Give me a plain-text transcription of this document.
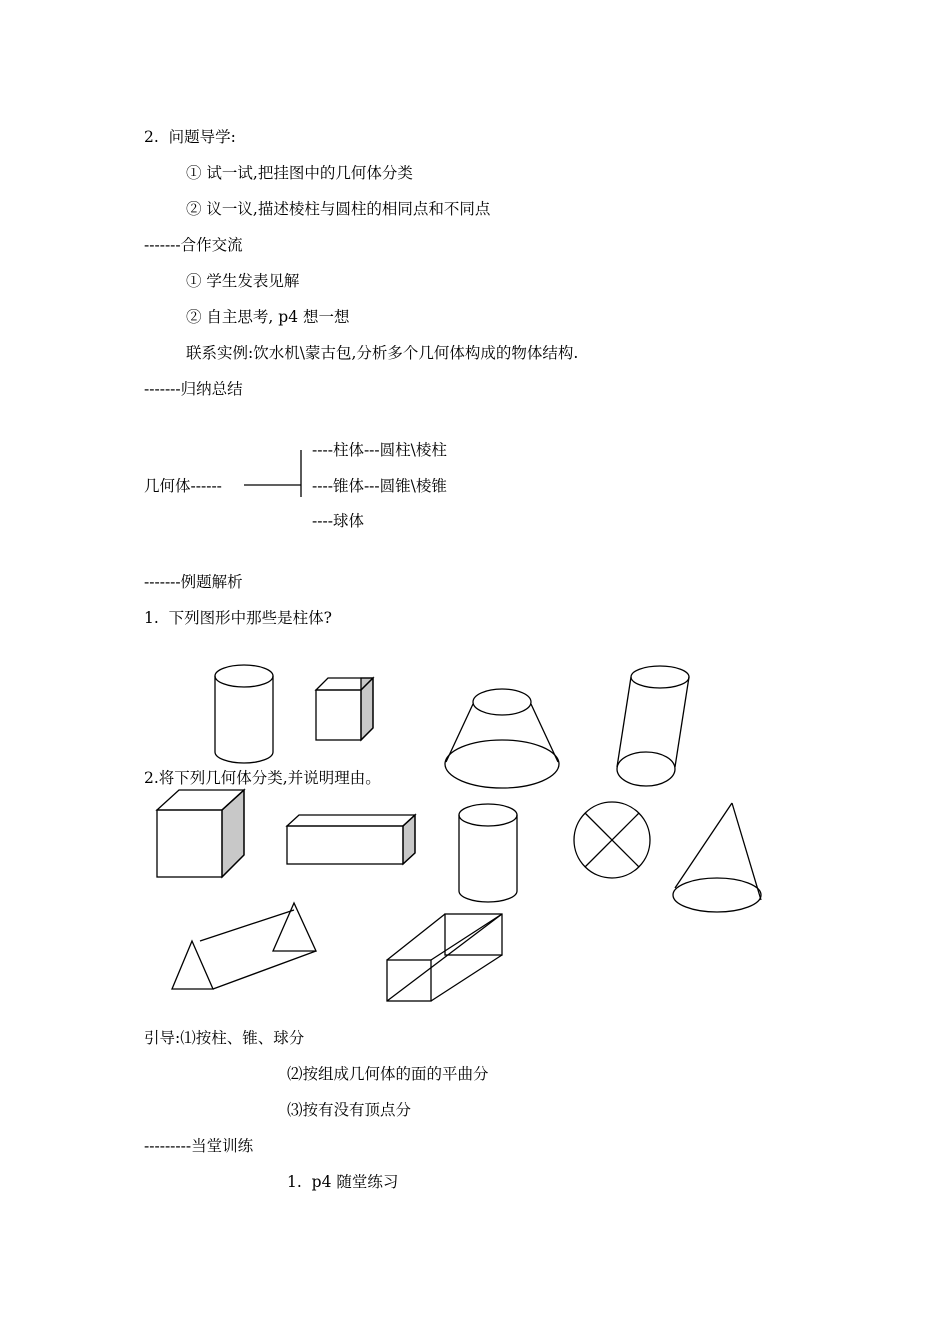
2.  问题导学:
① 试一试,把挂图中的几何体分类
② 议一议,描述棱柱与圆柱的相同点和不同点
-------合作交流
① 学生发表见解
② 自主思考, p4 想一想
联系实例:饮水机\蒙古包,分析多个几何体构成的物体结构.
-------归纳总结
几何体------
----柱体---圆柱\棱柱
----锥体---圆锥\棱锥
----球体
-------例题解析
1.  下列图形中那些是柱体?
2.将下列几何体分类,并说明理由。
引导:⑴按柱、锥、球分
⑵按组成几何体的面的平曲分
⑶按有没有顶点分
---------当堂训练
1.  p4 随堂练习
